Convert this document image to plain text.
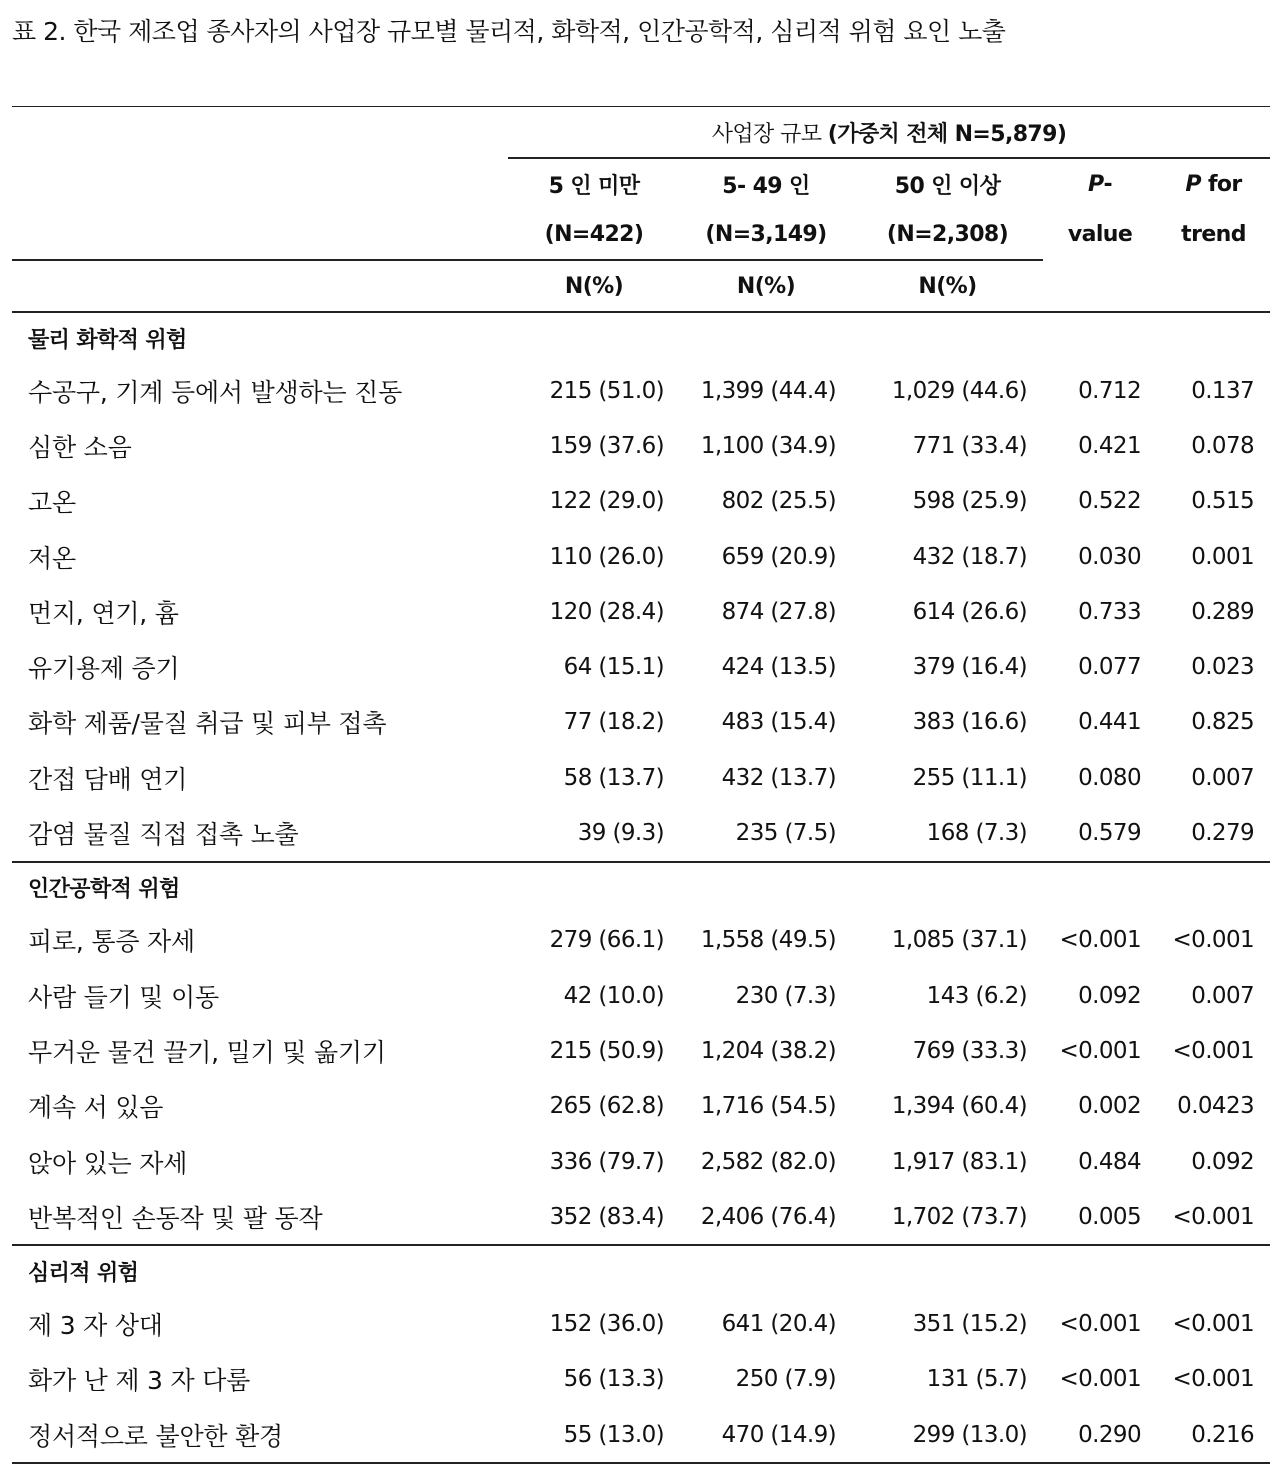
표 2. 한국 제조업 종사자의 사업장 규모별 물리적, 화학적, 인간공학적, 심리적 위험 요인 노출
	사업장 규모 (가중치 전체 N=5,879)				
	5 인 미만	5- 49 인	50 인 이상	P-	P for
	(N=422)	(N=3,149)	(N=2,308)	value	trend
	N(%)	N(%)	N(%)		
물리 화학적 위험					
수공구, 기계 등에서 발생하는 진동	215 (51.0)	1,399 (44.4)	1,029 (44.6)	0.712	0.137
심한 소음	159 (37.6)	1,100 (34.9)	771 (33.4)	0.421	0.078
고온	122 (29.0)	802 (25.5)	598 (25.9)	0.522	0.515
저온	110 (26.0)	659 (20.9)	432 (18.7)	0.030	0.001
먼지, 연기, 흄	120 (28.4)	874 (27.8)	614 (26.6)	0.733	0.289
유기용제 증기	64 (15.1)	424 (13.5)	379 (16.4)	0.077	0.023
화학 제품/물질 취급 및 피부 접촉	77 (18.2)	483 (15.4)	383 (16.6)	0.441	0.825
간접 담배 연기	58 (13.7)	432 (13.7)	255 (11.1)	0.080	0.007
감염 물질 직접 접촉 노출	39 (9.3)	235 (7.5)	168 (7.3)	0.579	0.279
인간공학적 위험					
피로, 통증 자세	279 (66.1)	1,558 (49.5)	1,085 (37.1)	<0.001	<0.001
사람 들기 및 이동	42 (10.0)	230 (7.3)	143 (6.2)	0.092	0.007
무거운 물건 끌기, 밀기 및 옮기기	215 (50.9)	1,204 (38.2)	769 (33.3)	<0.001	<0.001
계속 서 있음	265 (62.8)	1,716 (54.5)	1,394 (60.4)	0.002	0.0423
앉아 있는 자세	336 (79.7)	2,582 (82.0)	1,917 (83.1)	0.484	0.092
반복적인 손동작 및 팔 동작	352 (83.4)	2,406 (76.4)	1,702 (73.7)	0.005	<0.001
심리적 위험					
제 3 자 상대	152 (36.0)	641 (20.4)	351 (15.2)	<0.001	<0.001
화가 난 제 3 자 다룸	56 (13.3)	250 (7.9)	131 (5.7)	<0.001	<0.001
정서적으로 불안한 환경	55 (13.0)	470 (14.9)	299 (13.0)	0.290	0.216
